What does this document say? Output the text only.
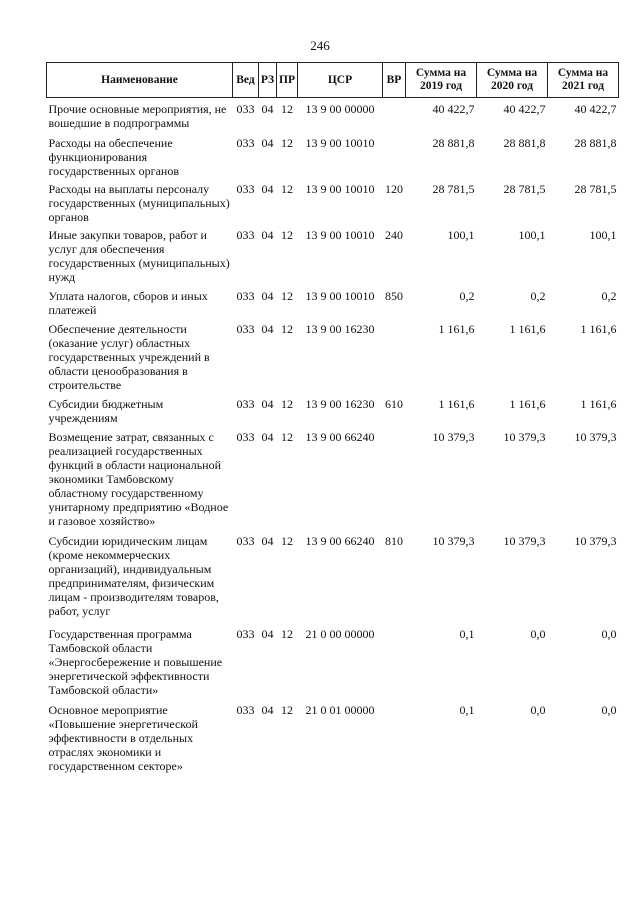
246
Наименование	Вед	РЗ	ПР	ЦСР	ВР	Сумма на 2019 год	Сумма на 2020 год	Сумма на 2021 год
Прочие основные мероприятия, не вошедшие в подпрограммы	033	04	12	13 9 00 00000		40 422,7	40 422,7	40 422,7
Расходы на обеспечение функционирования государственных органов	033	04	12	13 9 00 10010		28 881,8	28 881,8	28 881,8
Расходы на выплаты персоналу государственных (муниципальных) органов	033	04	12	13 9 00 10010	120	28 781,5	28 781,5	28 781,5
Иные закупки товаров, работ и услуг для обеспечения государственных (муниципальных) нужд	033	04	12	13 9 00 10010	240	100,1	100,1	100,1
Уплата налогов, сборов и иных платежей	033	04	12	13 9 00 10010	850	0,2	0,2	0,2
Обеспечение деятельности (оказание услуг) областных государственных учреждений в области ценообразования в строительстве	033	04	12	13 9 00 16230		1 161,6	1 161,6	1 161,6
Субсидии бюджетным учреждениям	033	04	12	13 9 00 16230	610	1 161,6	1 161,6	1 161,6
Возмещение затрат, связанных с реализацией государственных функций в области национальной экономики Тамбовскому областному государственному унитарному предприятию «Водное и газовое хозяйство»	033	04	12	13 9 00 66240		10 379,3	10 379,3	10 379,3
Субсидии юридическим лицам (кроме некоммерческих организаций), индивидуальным предпринимателям, физическим лицам - производителям товаров, работ, услуг	033	04	12	13 9 00 66240	810	10 379,3	10 379,3	10 379,3
Государственная программа Тамбовской области «Энергосбережение и повышение энергетической эффективности Тамбовской области»	033	04	12	21 0 00 00000		0,1	0,0	0,0
Основное мероприятие «Повышение энергетической эффективности в отдельных отраслях экономики и государственном секторе»	033	04	12	21 0 01 00000		0,1	0,0	0,0
